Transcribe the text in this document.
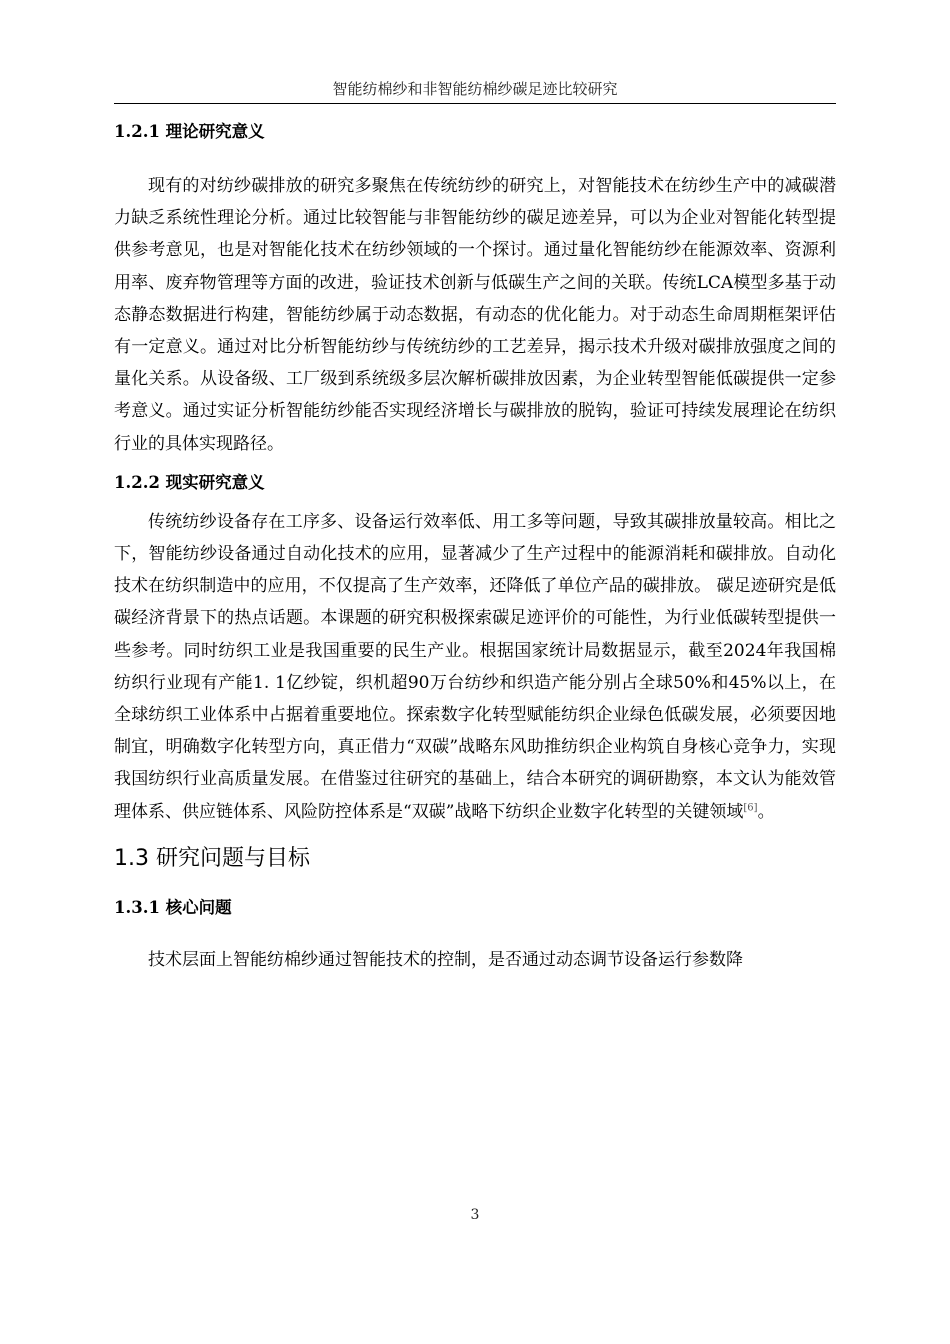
智能纺棉纱和非智能纺棉纱碳足迹比较研究
1.2.1 理论研究意义

现有的对纺纱碳排放的研究多聚焦在传统纺纱的研究上，对智能技术在纺纱生产中的减碳潜力缺乏系统性理论分析。通过比较智能与非智能纺纱的碳足迹差异，可以为企业对智能化转型提供参考意见，也是对智能化技术在纺纱领域的一个探讨。通过量化智能纺纱在能源效率、资源利用率、废弃物管理等方面的改进，验证技术创新与低碳生产之间的关联。传统LCA模型多基于动态静态数据进行构建，智能纺纱属于动态数据，有动态的优化能力。对于动态生命周期框架评估有一定意义。通过对比分析智能纺纱与传统纺纱的工艺差异，揭示技术升级对碳排放强度之间的量化关系。从设备级、工厂级到系统级多层次解析碳排放因素，为企业转型智能低碳提供一定参考意义。通过实证分析智能纺纱能否实现经济增长与碳排放的脱钩，验证可持续发展理论在纺织行业的具体实现路径。

1.2.2 现实研究意义

传统纺纱设备存在工序多、设备运行效率低、用工多等问题，导致其碳排放量较高。相比之下，智能纺纱设备通过自动化技术的应用，显著减少了生产过程中的能源消耗和碳排放。自动化技术在纺织制造中的应用，不仅提高了生产效率，还降低了单位产品的碳排放。 碳足迹研究是低碳经济背景下的热点话题。本课题的研究积极探索碳足迹评价的可能性，为行业低碳转型提供一些参考。同时纺织工业是我国重要的民生产业。根据国家统计局数据显示，截至2024年我国棉纺织行业现有产能1. 1亿纱锭，织机超90万台纺纱和织造产能分别占全球50%和45%以上，在全球纺织工业体系中占据着重要地位。探索数字化转型赋能纺织企业绿色低碳发展，必须要因地制宜，明确数字化转型方向，真正借力“双碳”战略东风助推纺织企业构筑自身核心竞争力，实现我国纺织行业高质量发展。在借鉴过往研究的基础上，结合本研究的调研勘察，本文认为能效管理体系、供应链体系、风险防控体系是“双碳”战略下纺织企业数字化转型的关键领域[6]。

1.3 研究问题与目标
1.3.1 核心问题

技术层面上智能纺棉纱通过智能技术的控制，是否通过动态调节设备运行参数降

3
